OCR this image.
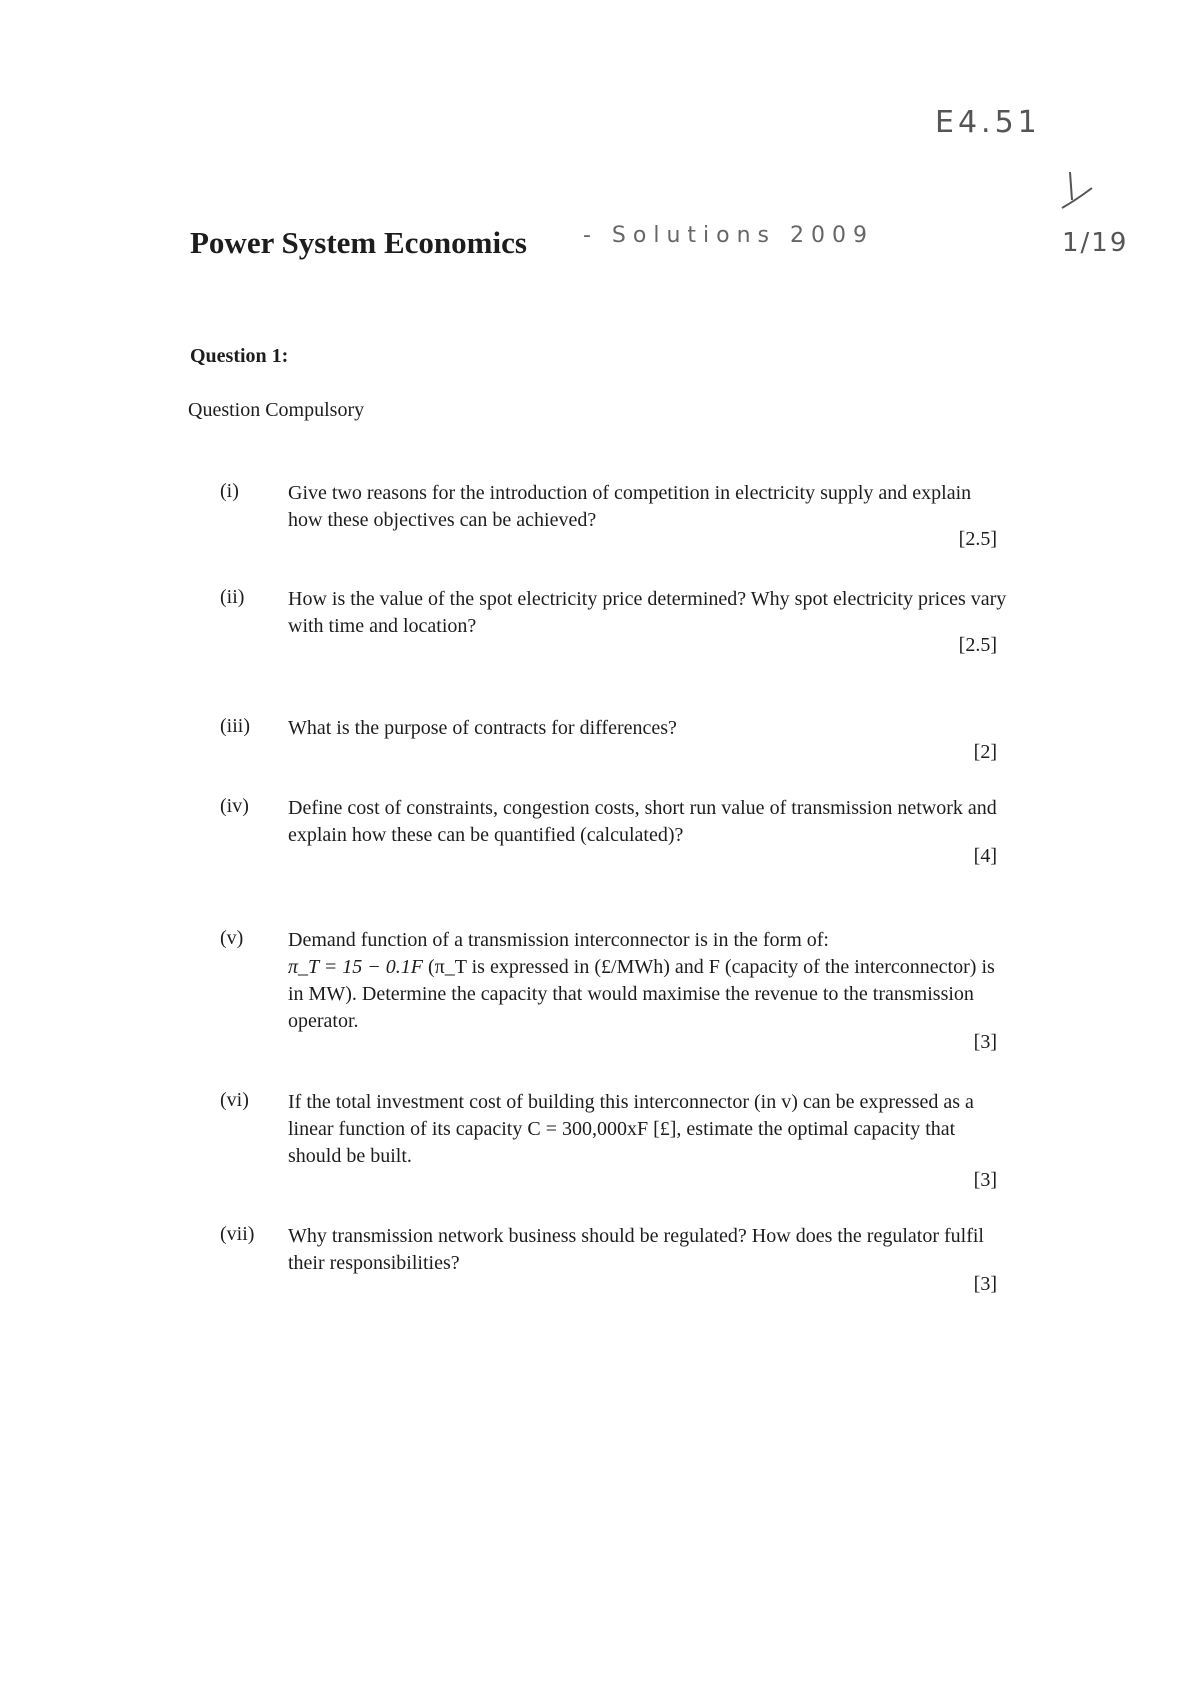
E4.51
1/19
Power System Economics	- Solutions 2009
Question 1:

Question Compulsory

(i) Give two reasons for the introduction of competition in electricity supply and explain how these objectives can be achieved?
[2.5]
(ii) How is the value of the spot electricity price determined? Why spot electricity prices vary with time and location?
[2.5]
(iii) What is the purpose of contracts for differences?
[2]
(iv) Define cost of constraints, congestion costs, short run value of transmission network and explain how these can be quantified (calculated)?
[4]
(v) Demand function of a transmission interconnector is in the form of:
π_T = 15 − 0.1F (π_T is expressed in (£/MWh) and F (capacity of the interconnector) is in MW). Determine the capacity that would maximise the revenue to the transmission operator.
[3]
(vi) If the total investment cost of building this interconnector (in v) can be expressed as a linear function of its capacity C = 300,000xF [£], estimate the optimal capacity that should be built.
[3]
(vii) Why transmission network business should be regulated? How does the regulator fulfil their responsibilities?
[3]
